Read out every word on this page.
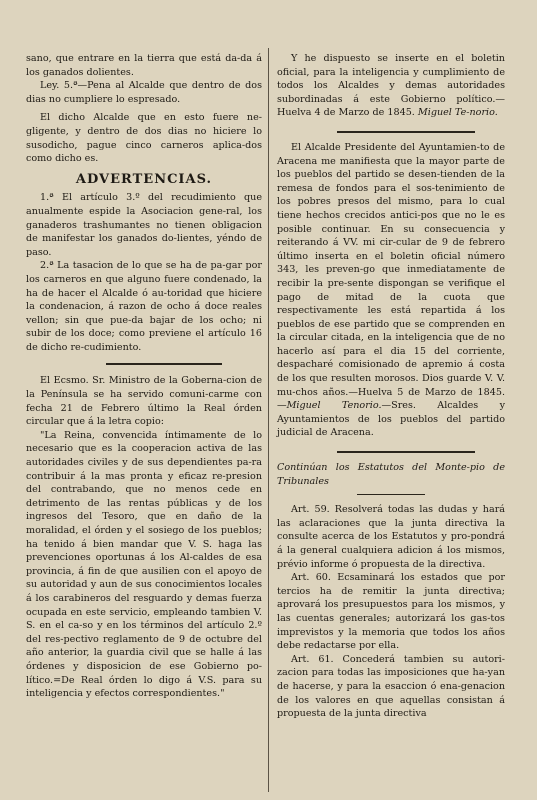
sano, que entrare en la tierra que está da-da á los ganados dolientes.

Ley. 5.ª—Pena al Alcalde que dentro de dos dias no cumpliere lo espresado.

El dicho Alcalde que en esto fuere ne-gligente, y dentro de dos dias no hiciere lo susodicho, pague cinco carneros aplica-dos como dicho es.

ADVERTENCIAS.

1.ª El artículo 3.º del recudimiento que anualmente espide la Asociacion gene-ral, los ganaderos trashumantes no tienen obligacion de manifestar los ganados do-lientes, yéndo de paso.

2.ª La tasacion de lo que se ha de pa-gar por los carneros en que alguno fuere condenado, la ha de hacer el Alcalde ó au-toridad que hiciere la condenacion, á razon de ocho á doce reales vellon; sin que pue-da bajar de los ocho; ni subir de los doce; como previene el artículo 16 de dicho re-cudimiento.

El Ecsmo. Sr. Ministro de la Goberna-cion de la Península se ha servido comuni-carme con fecha 21 de Febrero último la Real órden circular que á la letra copio:

"La Reina, convencida íntimamente de lo necesario que es la cooperacion activa de las autoridades civiles y de sus dependientes pa-ra contribuir á la mas pronta y eficaz re-presion del contrabando, que no menos cede en detrimento de las rentas públicas y de los ingresos del Tesoro, que en daño de la moralidad, el órden y el sosiego de los pueblos; ha tenido á bien mandar que V. S. haga las prevenciones oportunas á los Al-caldes de esa provincia, á fin de que ausilien con el apoyo de su autoridad y aun de sus conocimientos locales á los carabineros del resguardo y demas fuerza ocupada en este servicio, empleando tambien V. S. en el ca-so y en los términos del artículo 2.º del res-pectivo reglamento de 9 de octubre del año anterior, la guardia civil que se halle á las órdenes y disposicion de ese Gobierno po-lítico.=De Real órden lo digo á V.S. para su inteligencia y efectos correspondientes."

Y he dispuesto se inserte en el boletin oficial, para la inteligencia y cumplimiento de todos los Alcaldes y demas autoridades subordinadas á este Gobierno político.—Huelva 4 de Marzo de 1845. Miguel Te-norio.

El Alcalde Presidente del Ayuntamien-to de Aracena me manifiesta que la mayor parte de los pueblos del partido se desen-tienden de la remesa de fondos para el sos-tenimiento de los pobres presos del mismo, para lo cual tiene hechos crecidos antici-pos que no le es posible continuar. En su consecuencia y reiterando á VV. mi cir-cular de 9 de febrero último inserta en el boletin oficial número 343, les preven-go que inmediatamente de recibir la pre-sente dispongan se verifique el pago de mitad de la cuota que respectivamente les está repartida á los pueblos de ese partido que se comprenden en la circular citada, en la inteligencia que de no hacerlo así para el dia 15 del corriente, despacharé comisionado de apremio á costa de los que resulten morosos. Dios guarde V. V. mu-chos años.—Huelva 5 de Marzo de 1845. —Miguel Tenorio.—Sres. Alcaldes y Ayuntamientos de los pueblos del partido judicial de Aracena.

Continúan los Estatutos del Monte-pio de Tribunales

Art. 59. Resolverá todas las dudas y hará las aclaraciones que la junta directiva la consulte acerca de los Estatutos y pro-pondrá á la general cualquiera adicion á los mismos, prévio informe ó propuesta de la directiva.

Art. 60. Ecsaminará los estados que por tercios ha de remitir la junta directiva; aprovará los presupuestos para los mismos, y las cuentas generales; autorizará los gas-tos imprevistos y la memoria que todos los años debe redactarse por ella.

Art. 61. Concederá tambien su autori-zacion para todas las imposiciones que ha-yan de hacerse, y para la esaccion ó ena-genacion de los valores en que aquellas consistan á propuesta de la junta directiva
